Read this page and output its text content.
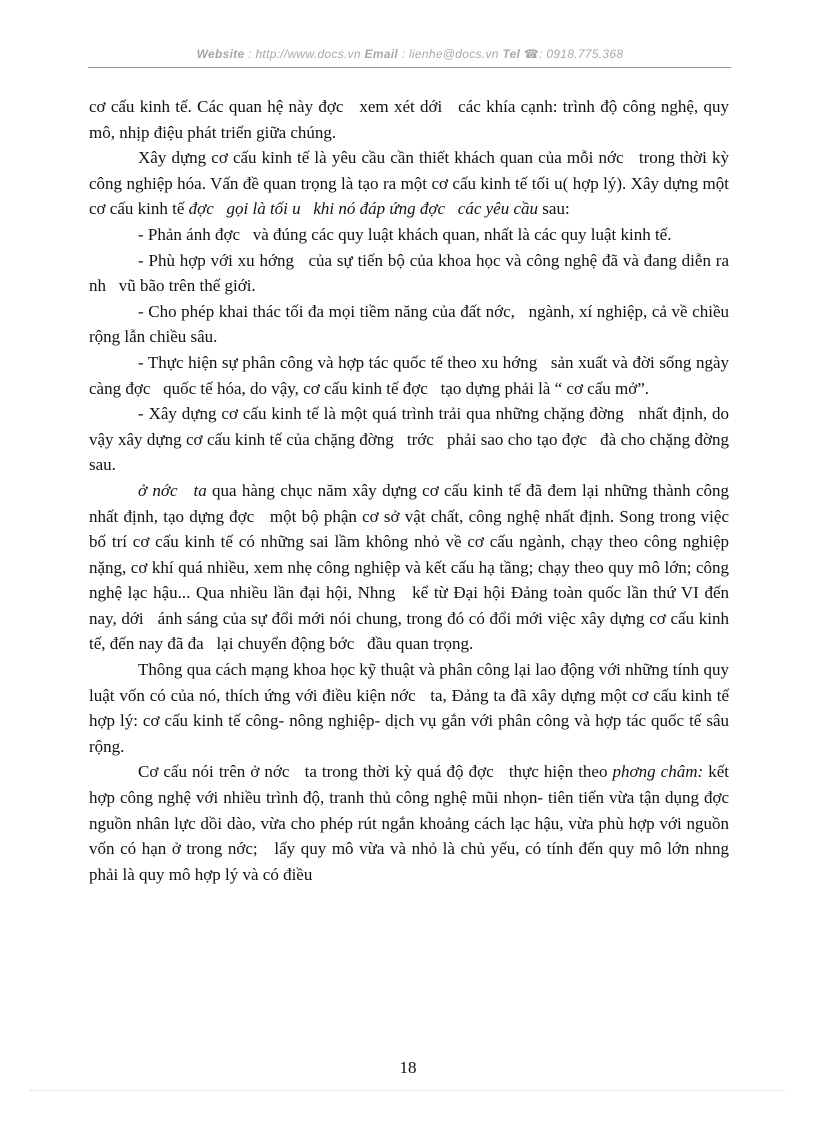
Website : http://www.docs.vn Email : lienhe@docs.vn Tel ☎: 0918.775.368

cơ cấu kinh tế. Các quan hệ này đợc   xem xét dới   các khía cạnh: trình độ công nghệ, quy mô, nhịp điệu phát triển giữa chúng.

Xây dựng cơ cấu kinh tế là yêu cầu cần thiết khách quan của mỗi nớc   trong thời kỳ công nghiệp hóa. Vấn đề quan trọng là tạo ra một cơ cấu kinh tế tối u( hợp lý). Xây dựng một cơ cấu kinh tế đợc   gọi là tối u   khi nó đáp ứng đợc   các yêu cầu sau:

- Phản ánh đợc   và đúng các quy luật khách quan, nhất là các quy luật kinh tế.

- Phù hợp với xu hớng   của sự tiến bộ của khoa học và công nghệ đã và đang diễn ra nh   vũ bão trên thế giới.

- Cho phép khai thác tối đa mọi tiềm năng của đất nớc,   ngành, xí nghiệp, cả về chiều rộng lẫn chiều sâu.

- Thực hiện sự phân công và hợp tác quốc tế theo xu hớng   sản xuất và đời sống ngày càng đợc   quốc tế hóa, do vậy, cơ cấu kinh tế đợc   tạo dựng phải là “ cơ cấu mở”.

- Xây dựng cơ cấu kinh tế là một quá trình trải qua những chặng đờng   nhất định, do vậy xây dựng cơ cấu kinh tế của chặng đờng   trớc   phải sao cho tạo đợc   đà cho chặng đờng   sau.

ở nớc   ta qua hàng chục năm xây dựng cơ cấu kinh tế đã đem lại những thành công nhất định, tạo dựng đợc   một bộ phận cơ sở vật chất, công nghệ nhất định. Song trong việc bố trí cơ cấu kinh tế có những sai lầm không nhỏ về cơ cấu ngành, chạy theo công nghiệp nặng, cơ khí quá nhiều, xem nhẹ công nghiệp và kết cấu hạ tầng; chạy theo quy mô lớn; công nghệ lạc hậu... Qua nhiều lần đại hội, Nhng   kể từ Đại hội Đảng toàn quốc lần thứ VI đến nay, dới   ánh sáng của sự đổi mới nói chung, trong đó có đổi mới việc xây dựng cơ cấu kinh tế, đến nay đã đa   lại chuyển động bớc   đầu quan trọng.

Thông qua cách mạng khoa học kỹ thuật và phân công lại lao động với những tính quy luật vốn có của nó, thích ứng với điều kiện nớc   ta, Đảng ta đã xây dựng một cơ cấu kinh tế hợp lý: cơ cấu kinh tế công- nông nghiệp- dịch vụ gắn với phân công và hợp tác quốc tế sâu rộng.

Cơ cấu nói trên ở nớc   ta trong thời kỳ quá độ đợc   thực hiện theo phơng châm: kết hợp công nghệ với nhiều trình độ, tranh thủ công nghệ mũi nhọn- tiên tiến vừa tận dụng đợc   nguồn nhân lực dồi dào, vừa cho phép rút ngắn khoảng cách lạc hậu, vừa phù hợp với nguồn vốn có hạn ở trong nớc;   lấy quy mô vừa và nhỏ là chủ yếu, có tính đến quy mô lớn nhng   phải là quy mô hợp lý và có điều

18
